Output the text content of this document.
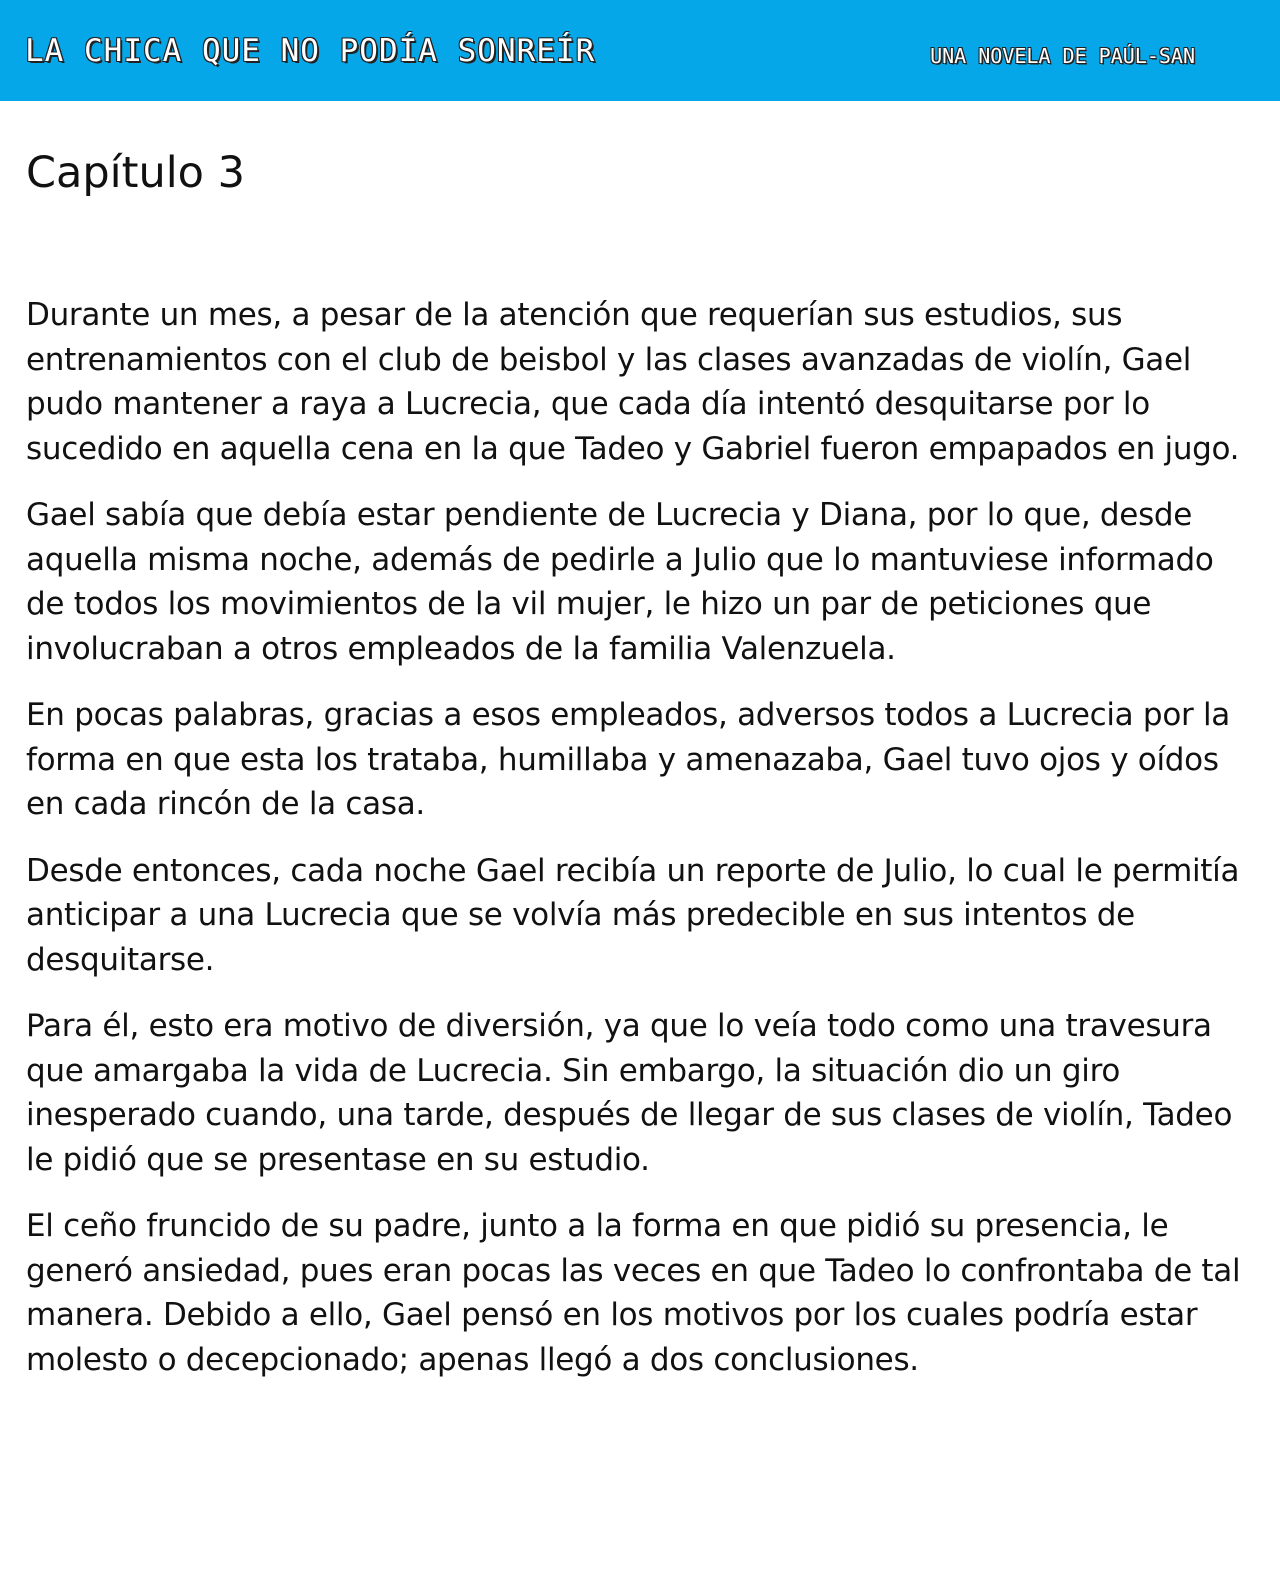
LA CHICA QUE NO PODÍA SONREÍR	UNA NOVELA DE PAÚL-SAN
Capítulo 3

Durante un mes, a pesar de la atención que requerían sus estudios, sus entrenamientos con el club de beisbol y las clases avanzadas de violín, Gael pudo mantener a raya a Lucrecia, que cada día intentó desquitarse por lo sucedido en aquella cena en la que Tadeo y Gabriel fueron empapados en jugo.

Gael sabía que debía estar pendiente de Lucrecia y Diana, por lo que, desde aquella misma noche, además de pedirle a Julio que lo mantuviese informado de todos los movimientos de la vil mujer, le hizo un par de peticiones que involucraban a otros empleados de la familia Valenzuela.

En pocas palabras, gracias a esos empleados, adversos todos a Lucrecia por la forma en que esta los trataba, humillaba y amenazaba, Gael tuvo ojos y oídos en cada rincón de la casa.

Desde entonces, cada noche Gael recibía un reporte de Julio, lo cual le permitía anticipar a una Lucrecia que se volvía más predecible en sus intentos de desquitarse.

Para él, esto era motivo de diversión, ya que lo veía todo como una travesura que amargaba la vida de Lucrecia. Sin embargo, la situación dio un giro inesperado cuando, una tarde, después de llegar de sus clases de violín, Tadeo le pidió que se presentase en su estudio.

El ceño fruncido de su padre, junto a la forma en que pidió su presencia, le generó ansiedad, pues eran pocas las veces en que Tadeo lo confrontaba de tal manera. Debido a ello, Gael pensó en los motivos por los cuales podría estar molesto o decepcionado; apenas llegó a dos conclusiones.
